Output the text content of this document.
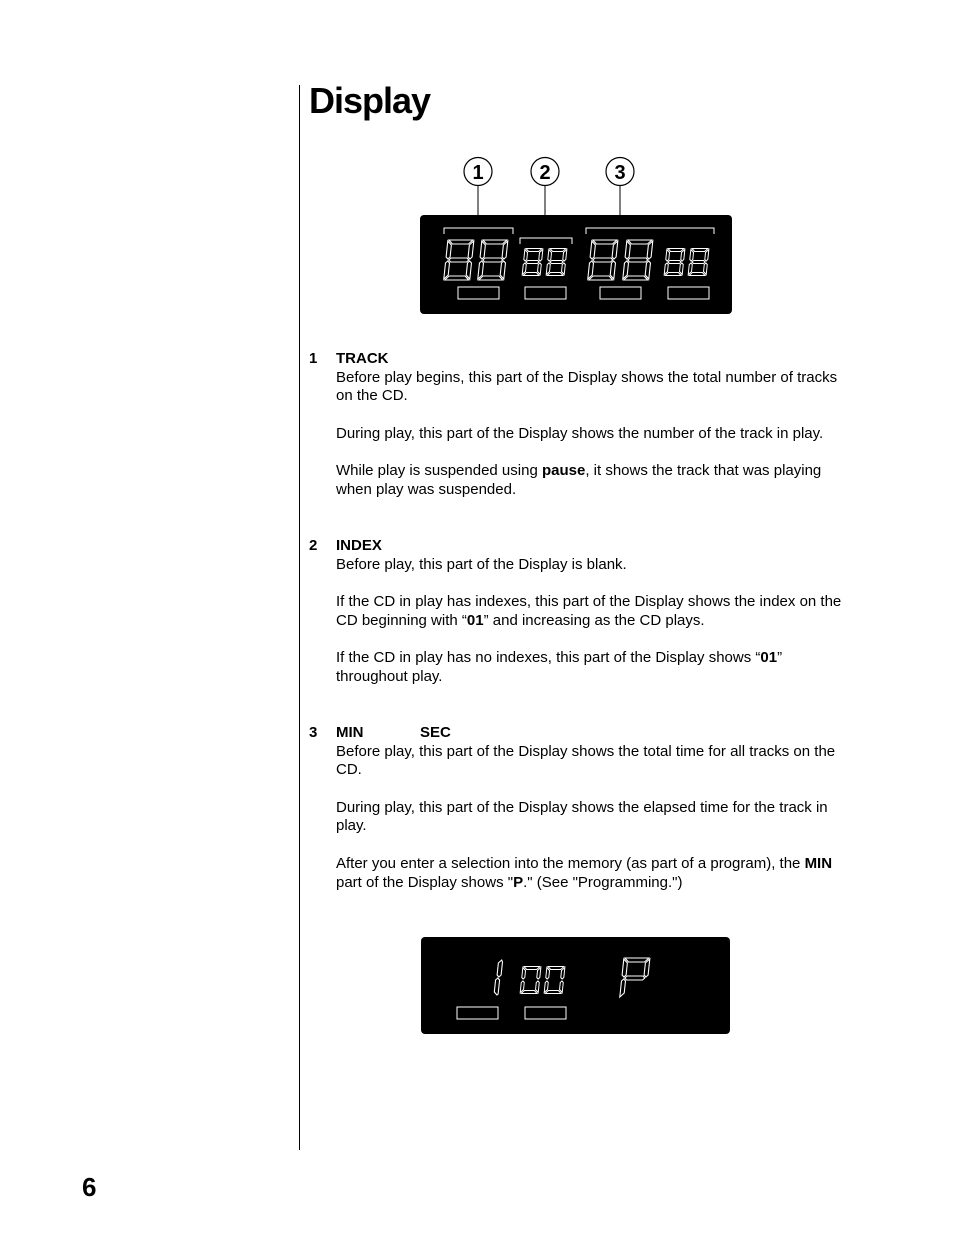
Display
1	2	3
1 TRACK

Before play begins, this part of the Display shows the total number of tracks on the CD.

During play, this part of the Display shows the number of the track in play.

While play is suspended using pause, it shows the track that was playing when play was suspended.

2 INDEX

Before play, this part of the Display is blank.

If the CD in play has indexes, this part of the Display shows the index on the CD beginning with “01” and increasing as the CD plays.

If the CD in play has no indexes, this part of the Display shows “01” throughout play.

3 MIN	SEC

Before play, this part of the Display shows the total time for all tracks on the CD.

During play, this part of the Display shows the elapsed time for the track in play.

After you enter a selection into the memory (as part of a program), the MIN part of the Display shows "P." (See "Programming.")

6
